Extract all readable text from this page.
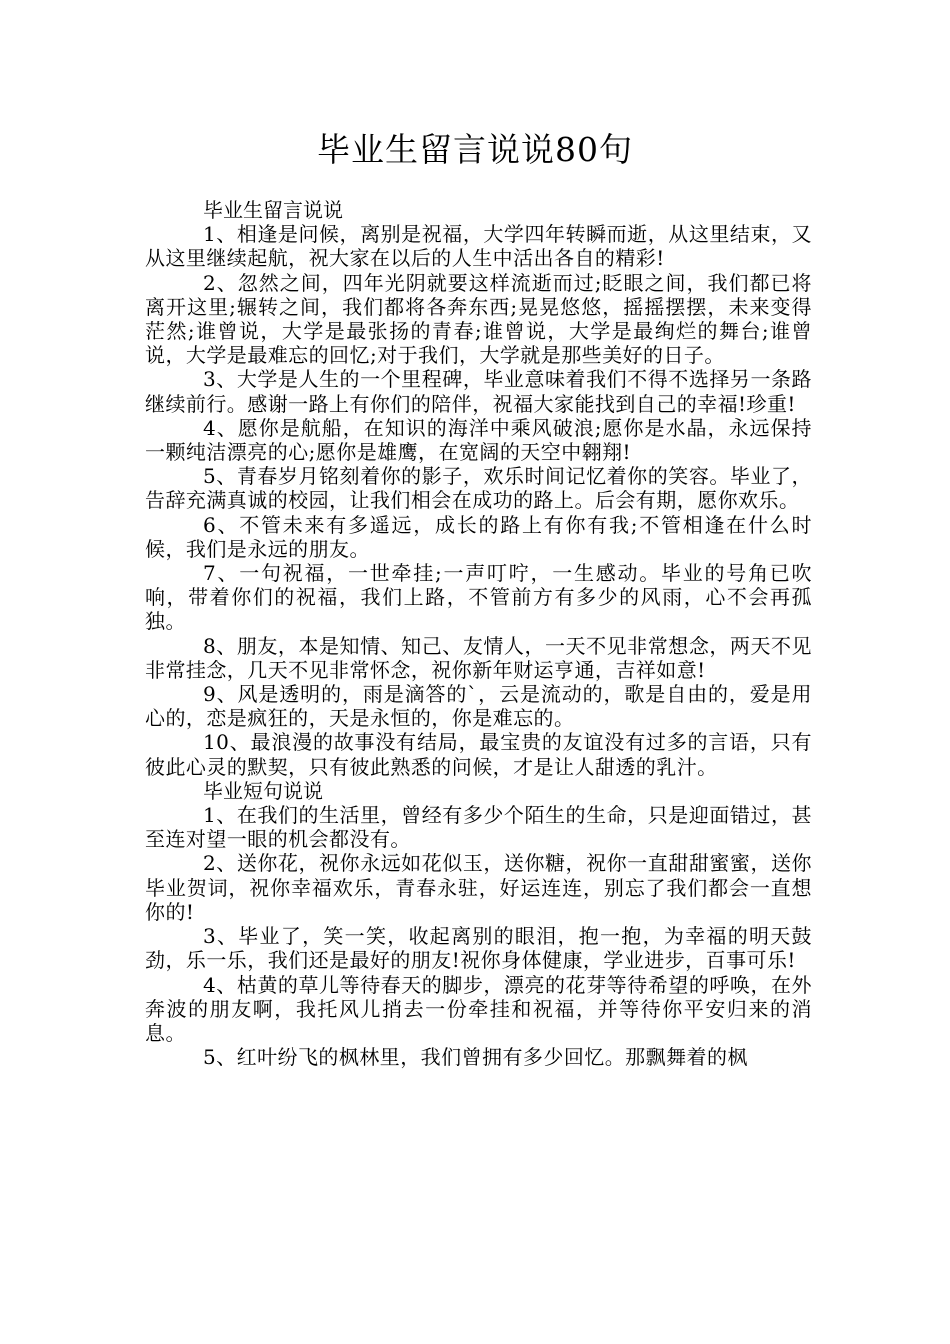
毕业生留言说说80句

毕业生留言说说

1、相逢是问候，离别是祝福，大学四年转瞬而逝，从这里结束，又从这里继续起航，祝大家在以后的人生中活出各自的精彩!

2、忽然之间，四年光阴就要这样流逝而过;眨眼之间，我们都已将离开这里;辗转之间，我们都将各奔东西;晃晃悠悠，摇摇摆摆，未来变得茫然;谁曾说，大学是最张扬的青春;谁曾说，大学是最绚烂的舞台;谁曾说，大学是最难忘的回忆;对于我们，大学就是那些美好的日子。

3、大学是人生的一个里程碑，毕业意味着我们不得不选择另一条路继续前行。感谢一路上有你们的陪伴，祝福大家能找到自己的幸福!珍重!

4、愿你是航船，在知识的海洋中乘风破浪;愿你是水晶，永远保持一颗纯洁漂亮的心;愿你是雄鹰，在宽阔的天空中翱翔!

5、青春岁月铭刻着你的影子，欢乐时间记忆着你的笑容。毕业了，告辞充满真诚的校园，让我们相会在成功的路上。后会有期，愿你欢乐。

6、不管未来有多遥远，成长的路上有你有我;不管相逢在什么时候，我们是永远的朋友。

7、一句祝福，一世牵挂;一声叮咛，一生感动。毕业的号角已吹响，带着你们的祝福，我们上路，不管前方有多少的风雨，心不会再孤独。

8、朋友，本是知情、知己、友情人，一天不见非常想念，两天不见非常挂念，几天不见非常怀念，祝你新年财运亨通，吉祥如意!

9、风是透明的，雨是滴答的`，云是流动的，歌是自由的，爱是用心的，恋是疯狂的，天是永恒的，你是难忘的。

10、最浪漫的故事没有结局，最宝贵的友谊没有过多的言语，只有彼此心灵的默契，只有彼此熟悉的问候，才是让人甜透的乳汁。

毕业短句说说

1、在我们的生活里，曾经有多少个陌生的生命，只是迎面错过，甚至连对望一眼的机会都没有。

2、送你花，祝你永远如花似玉，送你糖，祝你一直甜甜蜜蜜，送你毕业贺词，祝你幸福欢乐，青春永驻，好运连连，别忘了我们都会一直想你的!

3、毕业了，笑一笑，收起离别的眼泪，抱一抱，为幸福的明天鼓劲，乐一乐，我们还是最好的朋友!祝你身体健康，学业进步，百事可乐!

4、枯黄的草儿等待春天的脚步，漂亮的花芽等待希望的呼唤，在外奔波的朋友啊，我托风儿捎去一份牵挂和祝福，并等待你平安归来的消息。

5、红叶纷飞的枫林里，我们曾拥有多少回忆。那飘舞着的枫
